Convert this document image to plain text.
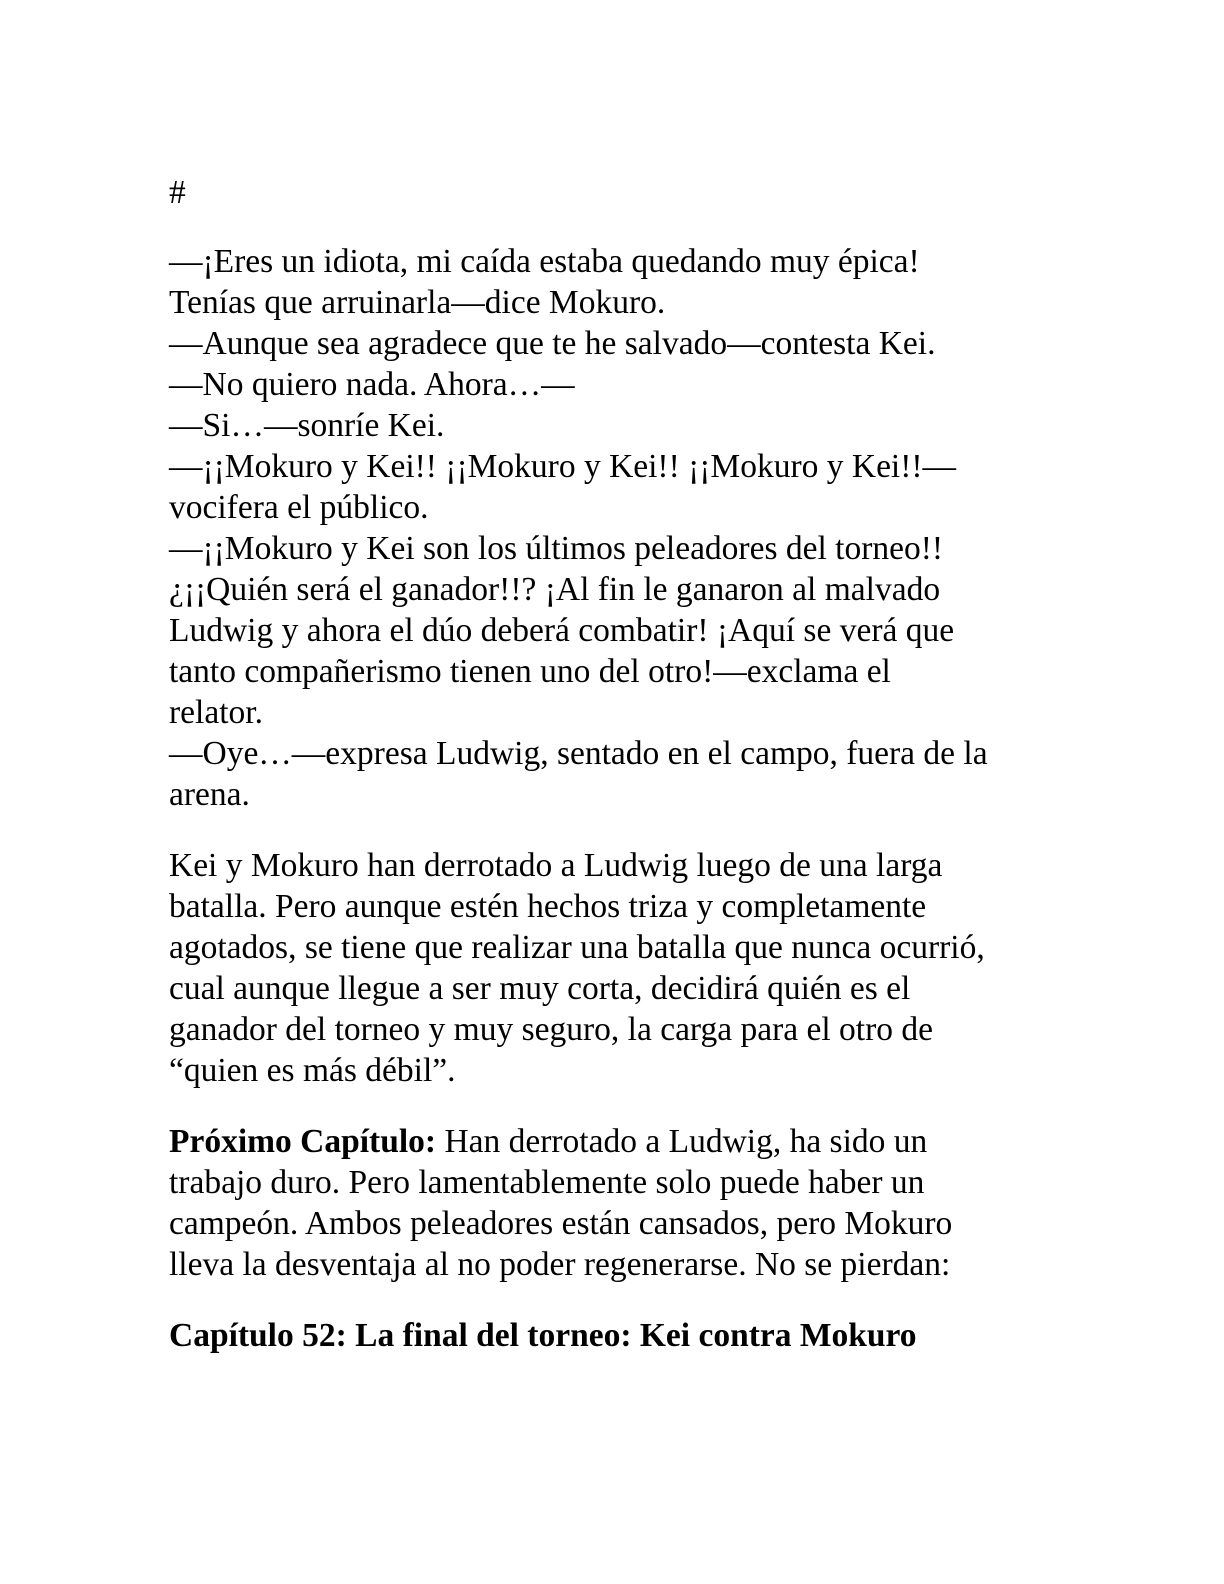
#
—¡Eres un idiota, mi caída estaba quedando muy épica!
Tenías que arruinarla—dice Mokuro.
—Aunque sea agradece que te he salvado—contesta Kei.
—No quiero nada. Ahora…—
—Si…—sonríe Kei.
—¡¡Mokuro y Kei!! ¡¡Mokuro y Kei!! ¡¡Mokuro y Kei!!—
vocifera el público.
—¡¡Mokuro y Kei son los últimos peleadores del torneo!!
¿¡¡Quién será el ganador!!? ¡Al fin le ganaron al malvado
Ludwig y ahora el dúo deberá combatir! ¡Aquí se verá que
tanto compañerismo tienen uno del otro!—exclama el
relator.
—Oye…—expresa Ludwig, sentado en el campo, fuera de la
arena.
Kei y Mokuro han derrotado a Ludwig luego de una larga
batalla. Pero aunque estén hechos triza y completamente
agotados, se tiene que realizar una batalla que nunca ocurrió,
cual aunque llegue a ser muy corta, decidirá quién es el
ganador del torneo y muy seguro, la carga para el otro de
“quien es más débil”.
Próximo Capítulo: Han derrotado a Ludwig, ha sido un
trabajo duro. Pero lamentablemente solo puede haber un
campeón. Ambos peleadores están cansados, pero Mokuro
lleva la desventaja al no poder regenerarse. No se pierdan:
Capítulo 52: La final del torneo: Kei contra Mokuro
